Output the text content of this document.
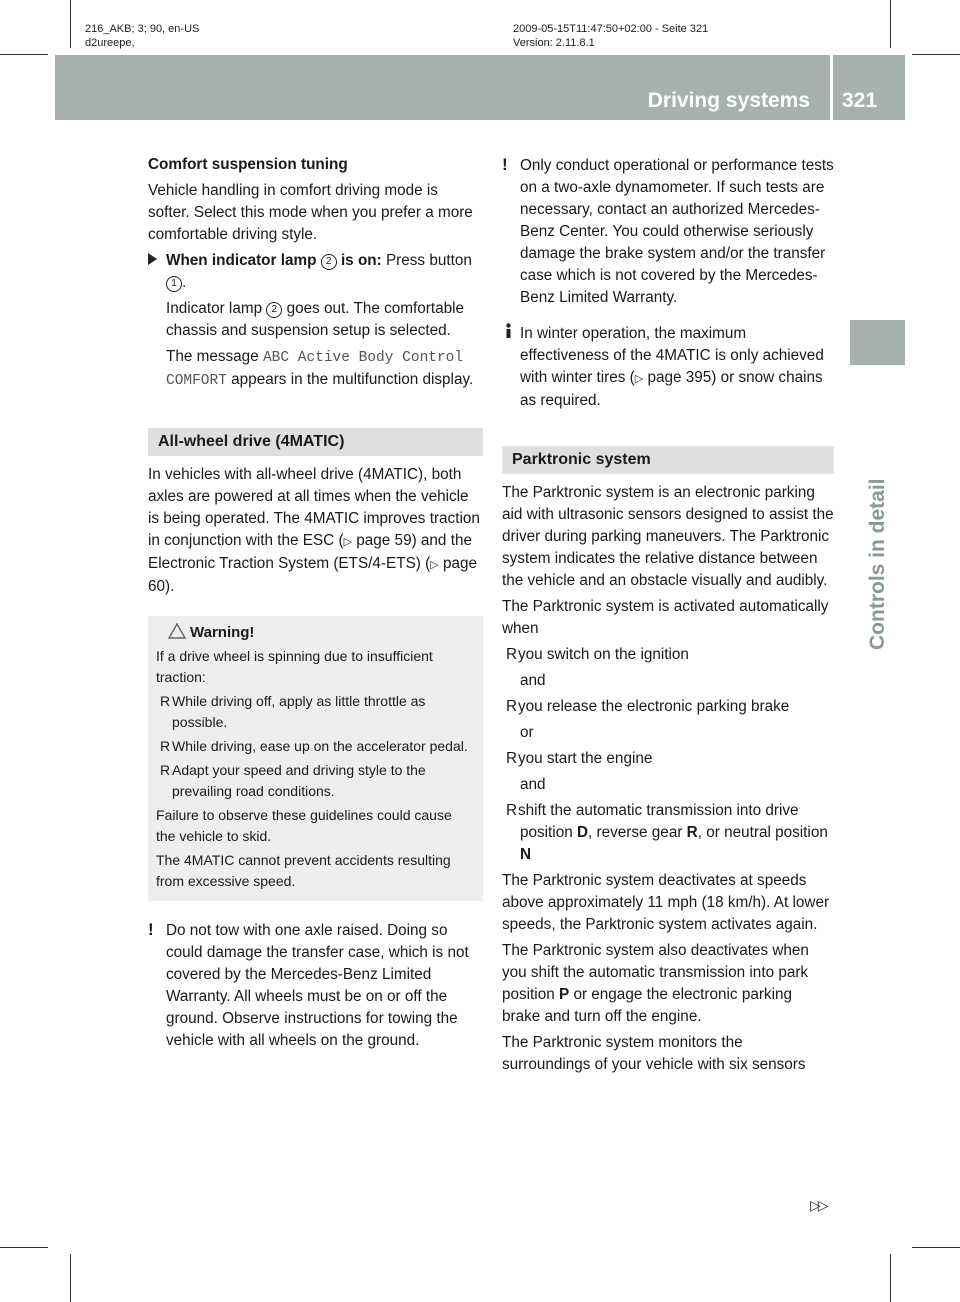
216_AKB; 3; 90, en-US
d2ureepe,
2009-05-15T11:47:50+02:00 - Seite 321
Version: 2.11.8.1
Driving systems 321
Controls in detail

Comfort suspension tuning

Vehicle handling in comfort driving mode is softer. Select this mode when you prefer a more comfortable driving style.

When indicator lamp 2 is on: Press button 1 .

Indicator lamp 2 goes out. The comfortable chassis and suspension setup is selected.

The message ABC Active Body Control COMFORT appears in the multifunction display.

All-wheel drive (4MATIC)

In vehicles with all-wheel drive (4MATIC), both axles are powered at all times when the vehicle is being operated. The 4MATIC improves traction in conjunction with the ESC (▷ page 59) and the Electronic Traction System (ETS/4-ETS) (▷ page 60).

Warning!

If a drive wheel is spinning due to insufficient traction:

R While driving off, apply as little throttle as possible.

R While driving, ease up on the accelerator pedal.

R Adapt your speed and driving style to the prevailing road conditions.

Failure to observe these guidelines could cause the vehicle to skid.

The 4MATIC cannot prevent accidents resulting from excessive speed.

! Do not tow with one axle raised. Doing so could damage the transfer case, which is not covered by the Mercedes-Benz Limited Warranty. All wheels must be on or off the ground. Observe instructions for towing the vehicle with all wheels on the ground.

! Only conduct operational or performance tests on a two-axle dynamometer. If such tests are necessary, contact an authorized Mercedes-Benz Center. You could otherwise seriously damage the brake system and/or the transfer case which is not covered by the Mercedes-Benz Limited Warranty.

In winter operation, the maximum effectiveness of the 4MATIC is only achieved with winter tires (▷ page 395) or snow chains as required.

Parktronic system

The Parktronic system is an electronic parking aid with ultrasonic sensors designed to assist the driver during parking maneuvers. The Parktronic system indicates the relative distance between the vehicle and an obstacle visually and audibly.

The Parktronic system is activated automatically when

Ryou switch on the ignition

and

Ryou release the electronic parking brake

or

Ryou start the engine

and

Rshift the automatic transmission into drive position D, reverse gear R, or neutral position N

The Parktronic system deactivates at speeds above approximately 11 mph (18 km/h). At lower speeds, the Parktronic system activates again.

The Parktronic system also deactivates when you shift the automatic transmission into park position P or engage the electronic parking brake and turn off the engine.

The Parktronic system monitors the surroundings of your vehicle with six sensors

▷▷
